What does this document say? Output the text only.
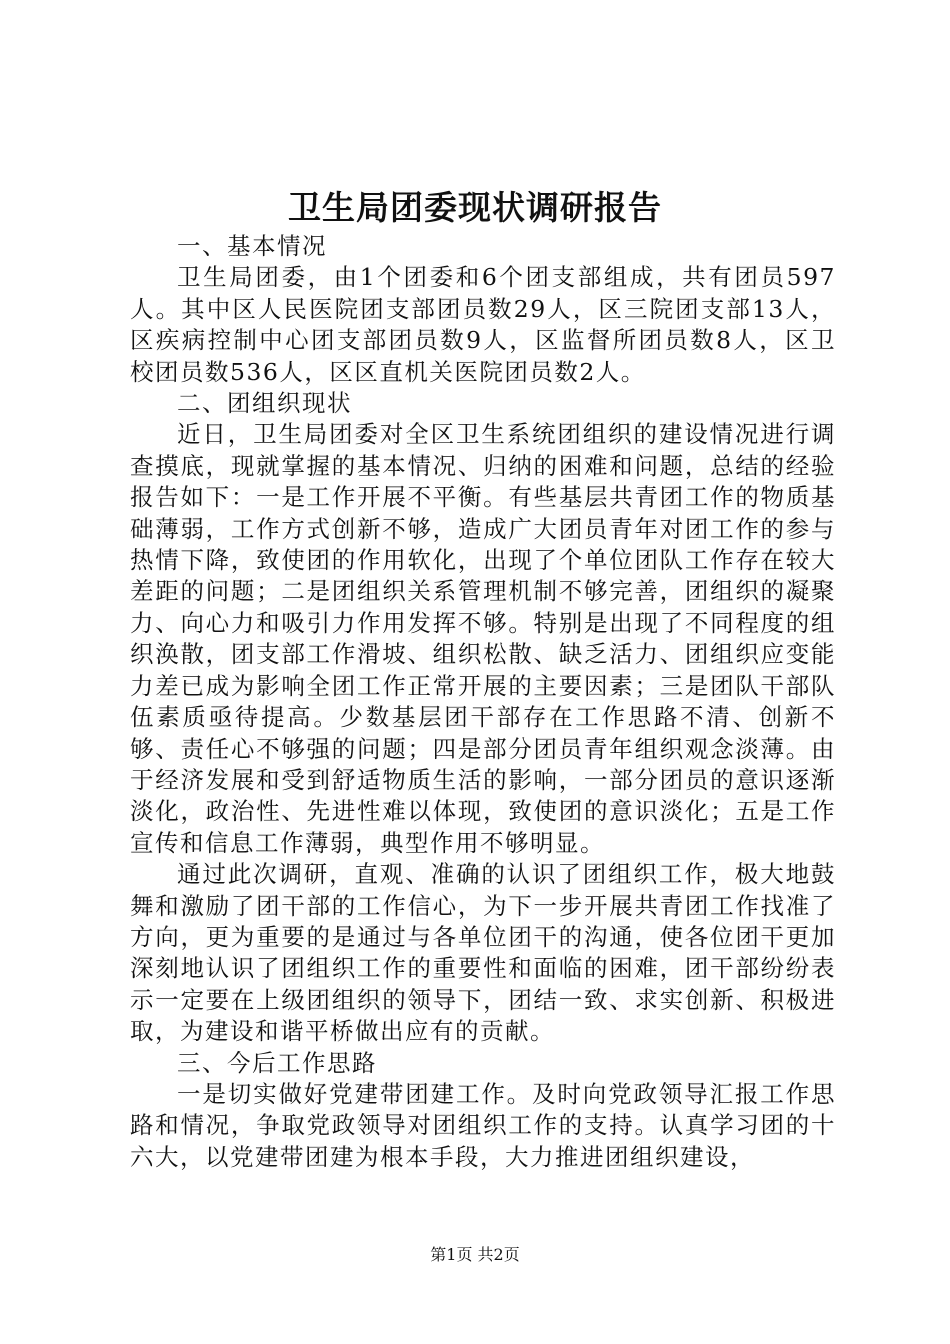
卫生局团委现状调研报告

一、基本情况

卫生局团委，由1个团委和6个团支部组成，共有团员597人。其中区人民医院团支部团员数29人，区三院团支部13人，区疾病控制中心团支部团员数9人，区监督所团员数8人，区卫校团员数536人，区区直机关医院团员数2人。

二、团组织现状

近日，卫生局团委对全区卫生系统团组织的建设情况进行调查摸底，现就掌握的基本情况、归纳的困难和问题，总结的经验报告如下：一是工作开展不平衡。有些基层共青团工作的物质基础薄弱，工作方式创新不够，造成广大团员青年对团工作的参与热情下降，致使团的作用软化，出现了个单位团队工作存在较大差距的问题；二是团组织关系管理机制不够完善，团组织的凝聚力、向心力和吸引力作用发挥不够。特别是出现了不同程度的组织涣散，团支部工作滑坡、组织松散、缺乏活力、团组织应变能力差已成为影响全团工作正常开展的主要因素；三是团队干部队伍素质亟待提高。少数基层团干部存在工作思路不清、创新不够、责任心不够强的问题；四是部分团员青年组织观念淡薄。由于经济发展和受到舒适物质生活的影响，一部分团员的意识逐渐淡化，政治性、先进性难以体现，致使团的意识淡化；五是工作宣传和信息工作薄弱，典型作用不够明显。

通过此次调研，直观、准确的认识了团组织工作，极大地鼓舞和激励了团干部的工作信心，为下一步开展共青团工作找准了方向，更为重要的是通过与各单位团干的沟通，使各位团干更加深刻地认识了团组织工作的重要性和面临的困难，团干部纷纷表示一定要在上级团组织的领导下，团结一致、求实创新、积极进取，为建设和谐平桥做出应有的贡献。

三、今后工作思路

一是切实做好党建带团建工作。及时向党政领导汇报工作思路和情况，争取党政领导对团组织工作的支持。认真学习团的十六大，以党建带团建为根本手段，大力推进团组织建设，

第1页 共2页
